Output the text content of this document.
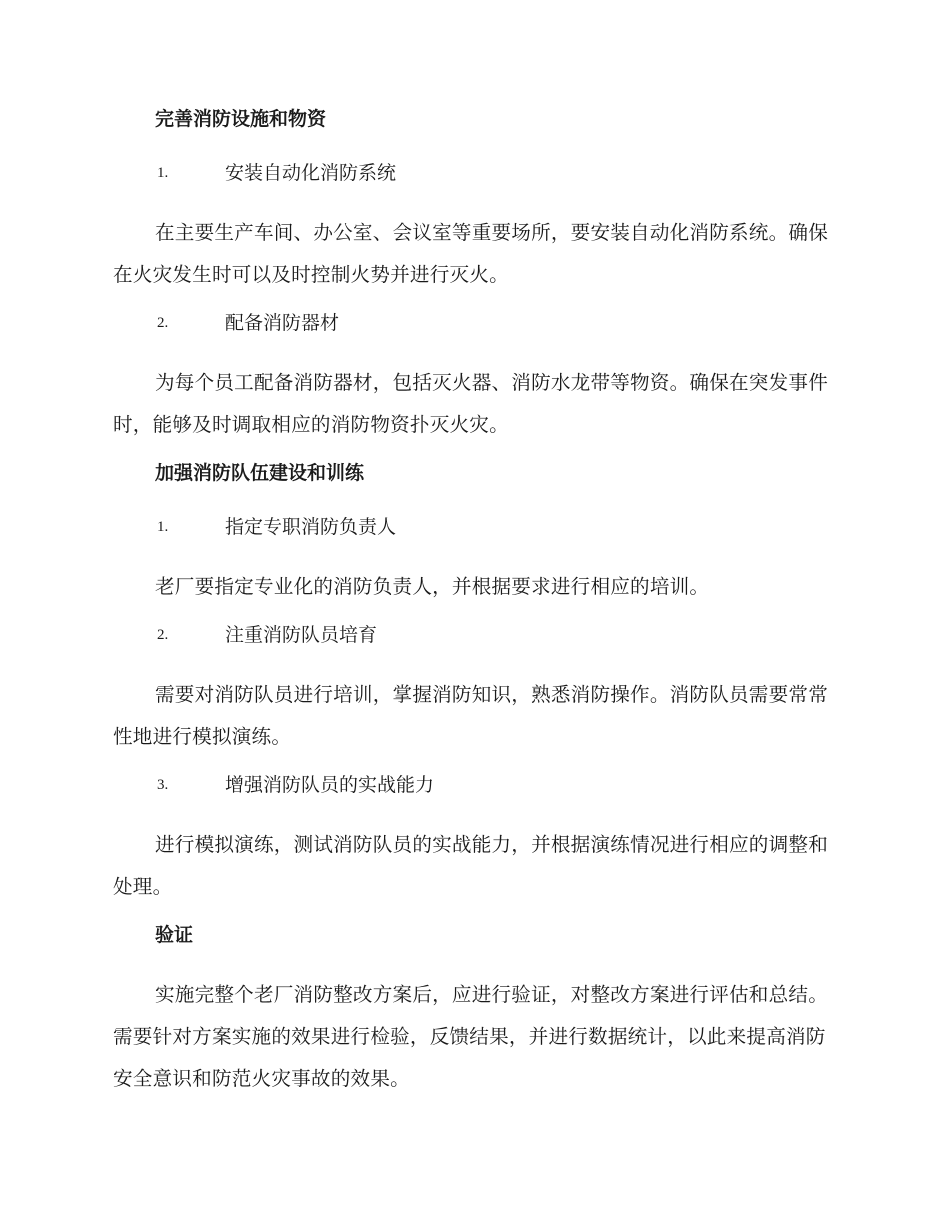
完善消防设施和物资
1.	安装自动化消防系统

在主要生产车间、办公室、会议室等重要场所，要安装自动化消防系统。确保在火灾发生时可以及时控制火势并进行灭火。

2.	配备消防器材

为每个员工配备消防器材，包括灭火器、消防水龙带等物资。确保在突发事件时，能够及时调取相应的消防物资扑灭火灾。

加强消防队伍建设和训练
1.	指定专职消防负责人

老厂要指定专业化的消防负责人，并根据要求进行相应的培训。

2.	注重消防队员培育

需要对消防队员进行培训，掌握消防知识，熟悉消防操作。消防队员需要常常性地进行模拟演练。

3.	增强消防队员的实战能力

进行模拟演练，测试消防队员的实战能力，并根据演练情况进行相应的调整和处理。

验证

实施完整个老厂消防整改方案后，应进行验证，对整改方案进行评估和总结。需要针对方案实施的效果进行检验，反馈结果，并进行数据统计，以此来提高消防安全意识和防范火灾事故的效果。
